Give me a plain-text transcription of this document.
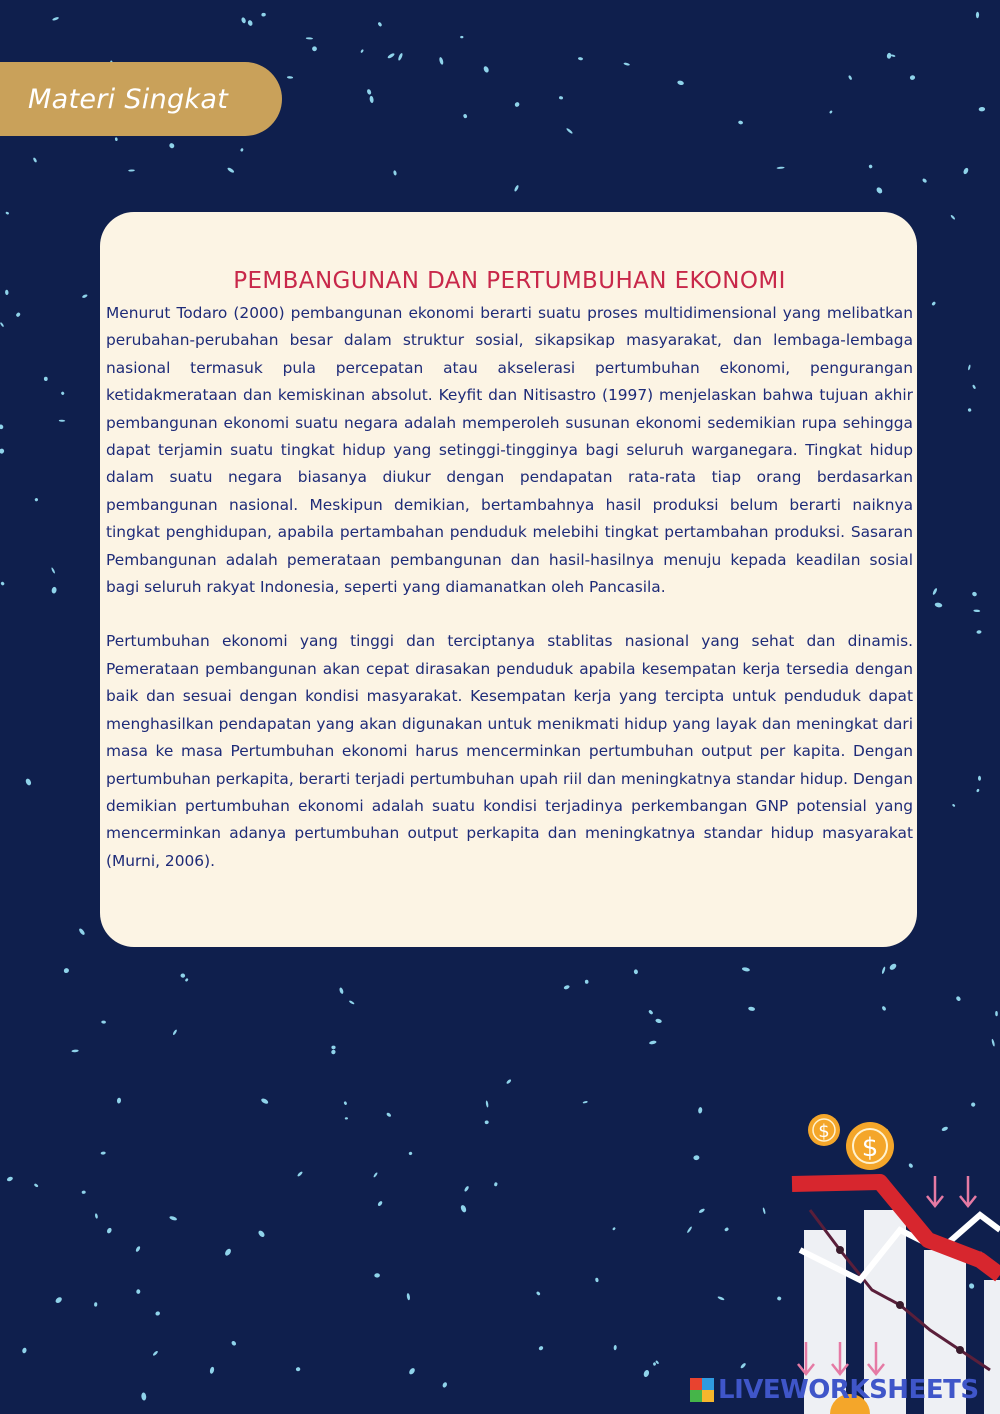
Materi Singkat
PEMBANGUNAN DAN PERTUMBUHAN EKONOMI

Menurut Todaro (2000) pembangunan ekonomi berarti suatu proses multidimensional yang melibatkan perubahan-perubahan besar dalam struktur sosial, sikapsikap masyarakat, dan lembaga-lembaga nasional termasuk pula percepatan atau akselerasi pertumbuhan ekonomi, pengurangan ketidakmerataan dan kemiskinan absolut. Keyfit dan Nitisastro (1997) menjelaskan bahwa tujuan akhir pembangunan ekonomi suatu negara adalah memperoleh susunan ekonomi sedemikian rupa sehingga dapat terjamin suatu tingkat hidup yang setinggi-tingginya bagi seluruh warganegara. Tingkat hidup dalam suatu negara biasanya diukur dengan pendapatan rata-rata tiap orang berdasarkan pembangunan nasional. Meskipun demikian, bertambahnya hasil produksi belum berarti naiknya tingkat penghidupan, apabila pertambahan penduduk melebihi tingkat pertambahan produksi. Sasaran Pembangunan adalah pemerataan pembangunan dan hasil-hasilnya menuju kepada keadilan sosial bagi seluruh rakyat Indonesia, seperti yang diamanatkan oleh Pancasila.

Pertumbuhan ekonomi yang tinggi dan terciptanya stablitas nasional yang sehat dan dinamis. Pemerataan pembangunan akan cepat dirasakan penduduk apabila kesempatan kerja tersedia dengan baik dan sesuai dengan kondisi masyarakat. Kesempatan kerja yang tercipta untuk penduduk dapat menghasilkan pendapatan yang akan digunakan untuk menikmati hidup yang layak dan meningkat dari masa ke masa Pertumbuhan ekonomi harus mencerminkan pertumbuhan output per kapita. Dengan pertumbuhan perkapita, berarti terjadi pertumbuhan upah riil dan meningkatnya standar hidup. Dengan demikian pertumbuhan ekonomi adalah suatu kondisi terjadinya perkembangan GNP potensial yang mencerminkan adanya pertumbuhan output perkapita dan meningkatnya standar hidup masyarakat (Murni, 2006).

$
$
LIVEWORKSHEETS
